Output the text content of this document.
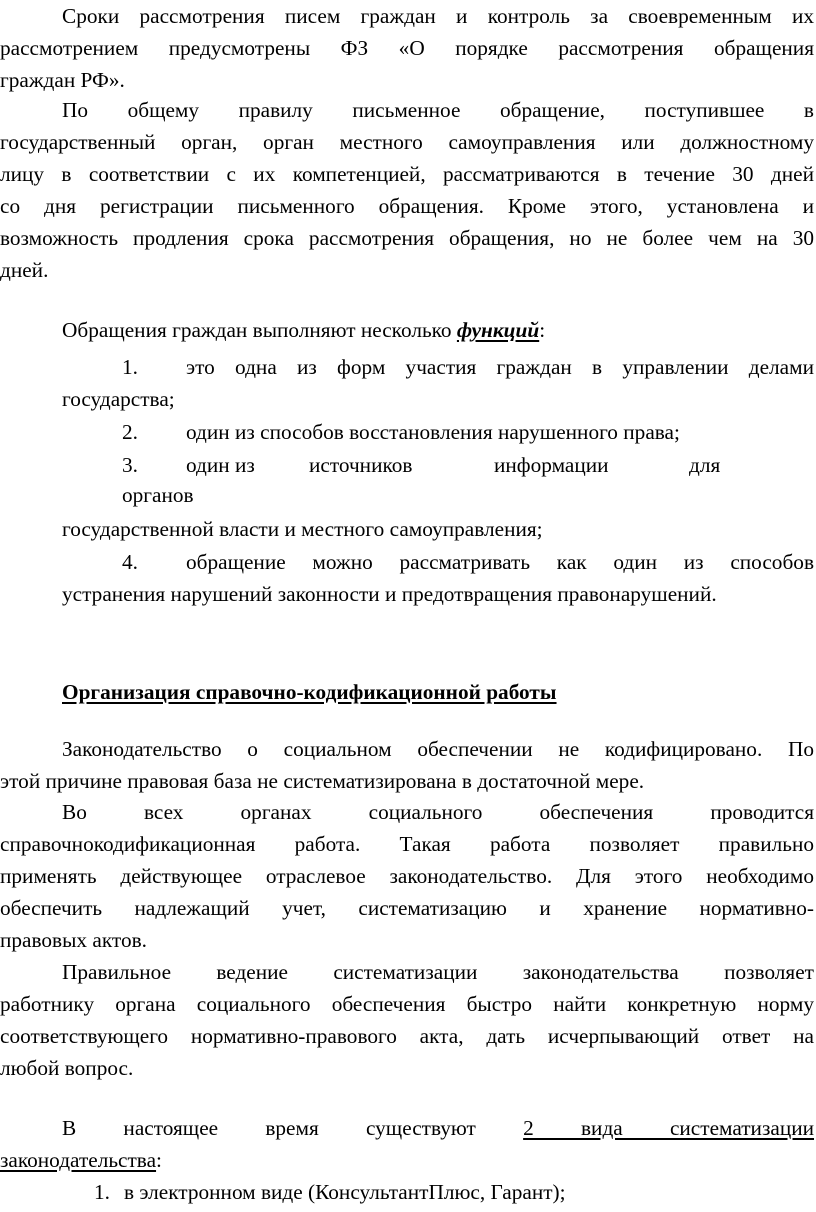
Сроки рассмотрения писем граждан и контроль за своевременным их
рассмотрением предусмотрены ФЗ «О порядке рассмотрения обращения
граждан РФ».
По общему правилу письменное обращение, поступившее в
государственный орган, орган местного самоуправления или должностному
лицу в соответствии с их компетенцией, рассматриваются в течение 30 дней
со дня регистрации письменного обращения. Кроме этого, установлена и
возможность продления срока рассмотрения обращения, но не более чем на 30
дней.
Обращения граждан выполняют несколько функций:
1.	это одна из форм участия граждан в управлении делами
государства;
2.	один из способов восстановления нарушенного права;
3. один из	источников	информации	для
органов
государственной власти и местного самоуправления;
4.	обращение можно рассматривать как один из способов
устранения нарушений законности и предотвращения правонарушений.
Организация справочно-кодификационной работы
Законодательство о социальном обеспечении не кодифицировано. По
этой причине правовая база не систематизирована в достаточной мере.
Во всех органах социального обеспечения проводится
справочнокодификационная работа. Такая работа позволяет правильно
применять действующее отраслевое законодательство. Для этого необходимо
обеспечить надлежащий учет, систематизацию и хранение нормативно-
правовых актов.
Правильное ведение систематизации законодательства позволяет
работнику органа социального обеспечения быстро найти конкретную норму
соответствующего нормативно-правового акта, дать исчерпывающий ответ на
любой вопрос.
В настоящее время существуют 2 вида систематизации
законодательства:
1. в электронном виде (КонсультантПлюс, Гарант);
